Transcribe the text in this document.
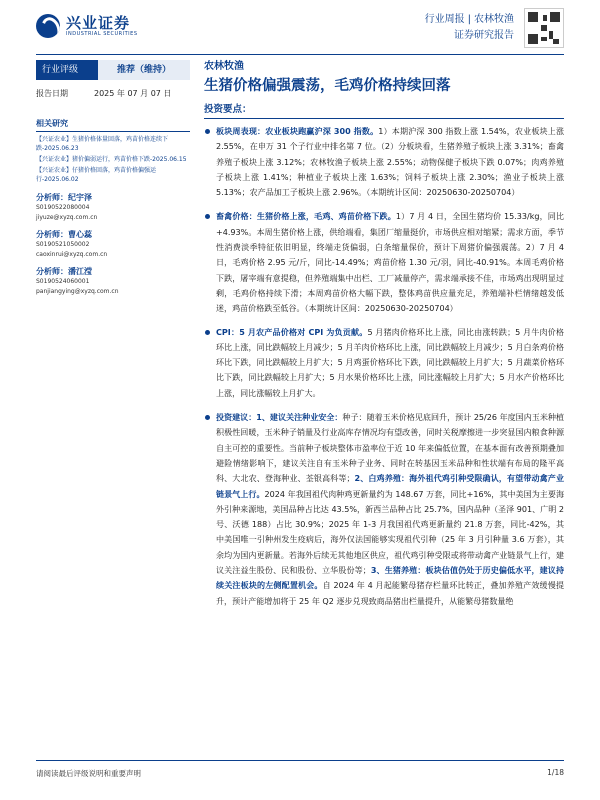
兴业证券
INDUSTRIAL SECURITIES
行业周报 | 农林牧渔
证券研究报告
行业评级	推荐（维持）
报告日期	2025 年 07 月 07 日
相关研究
【兴证农业】生猪价格体量回落，鸡苗价格连续下跌-2025.06.23
【兴证农业】猪价偏弱运行，鸡苗价格下跌-2025.06.15
【兴证农业】仔猪价格回落，鸡苗价格偏强运行-2025.06.02
分析师：纪宇泽
S0190522080004
jiyuze@xyzq.com.cn
分析师：曹心蕊
S0190521050002
caoxinrui@xyzq.com.cn
分析师：潘江滢
S0190524060001
panjiangying@xyzq.com.cn
农林牧渔
生猪价格偏强震荡，毛鸡价格持续回落
投资要点：
板块周表现：农业板块跑赢沪深 300 指数。1）本期沪深 300 指数上涨 1.54%，农业板块上涨 2.55%，在申万 31 个子行业中排名第 7 位。（2）分板块看，生猪养殖子板块上涨 3.31%；畜禽养殖子板块上涨 3.12%；农林牧渔子板块上涨 2.55%；动物保健子板块下跌 0.07%；肉鸡养殖子板块上涨 1.41%；种植业子板块上涨 1.63%；饲料子板块上涨 2.30%；渔业子板块上涨 5.13%；农产品加工子板块上涨 2.96%。（本期统计区间：20250630-20250704）
畜禽价格：生猪价格上涨，毛鸡、鸡苗价格下跌。1）7 月 4 日，全国生猪均价 15.33/kg，同比+4.93%。本周生猪价格上涨，供给端看，集团厂缩量挺价，市场供应相对缩紧；需求方面，季节性消费淡季特征依旧明显，终端走货偏弱，白条缩量保价，预计下周猪价偏强震荡。2）7 月 4 日，毛鸡价格 2.95 元/斤，同比-14.49%；鸡苗价格 1.30 元/羽，同比-40.91%。本周毛鸡价格下跌，屠宰端有意提稳，但养殖端集中出栏、工厂减量停产，需求端承接不佳，市场鸡出现明显过剩，毛鸡价格持续下滑；本周鸡苗价格大幅下跌，整体鸡苗供应量充足，养殖端补栏情绪越发低迷，鸡苗价格跌至低谷。（本期统计区间：20250630-20250704）
CPI：5 月农产品价格对 CPI 为负贡献。5 月猪肉价格环比上涨，同比由涨转跌；5 月牛肉价格环比上涨，同比跌幅较上月减少；5 月羊肉价格环比上涨，同比跌幅较上月减少；5 月白条鸡价格环比下跌，同比跌幅较上月扩大；5 月鸡蛋价格环比下跌，同比跌幅较上月扩大；5 月蔬菜价格环比下跌，同比跌幅较上月扩大；5 月水果价格环比上涨，同比涨幅较上月扩大；5 月水产价格环比上涨，同比涨幅较上月扩大。
投资建议：1、建议关注种业安全：种子：随着玉米价格见底回升，预计 25/26 年度国内玉米种植积极性回暖，玉米种子销量及行业高库存情况均有望改善，同时关税摩擦进一步突显国内粮食种源自主可控的重要性。当前种子板块整体市盈率位于近 10 年来偏低位置，在基本面有改善预期叠加避险情绪影响下，建议关注自有玉米种子业务、同时在转基因玉米品种和性状端有布局的隆平高科、大北农、登海种业、荃银高科等；2、白鸡养殖：海外祖代鸡引种受限确认，有望带动禽产业链景气上行。2024 年我国祖代肉种鸡更新量约为 148.67 万套，同比+16%，其中美国为主要海外引种来源地，美国品种占比达 43.5%，新西兰品种占比 25.7%，国内品种（圣泽 901、广明 2 号、沃德 188）占比 30.9%；2025 年 1-3 月我国祖代鸡更新量约 21.8 万套，同比-42%，其中美国唯一引种州发生疫病后，海外仅法国能够实现祖代引种（25 年 3 月引种量 3.6 万套），其余均为国内更新量。若海外后续无其他地区供应，祖代鸡引种受限或将带动禽产业链景气上行，建议关注益生股份、民和股份、立华股份等；3、生猪养殖：板块估值仍处于历史偏低水平，建议持续关注板块的左侧配置机会。自 2024 年 4 月起能繁母猪存栏量环比转正，叠加养殖产效缓慢提升，预计产能增加将于 25 年 Q2 逐步兑现致商品猪出栏量提升，从能繁母猪数量绝
请阅读最后评级说明和重要声明	1/18
